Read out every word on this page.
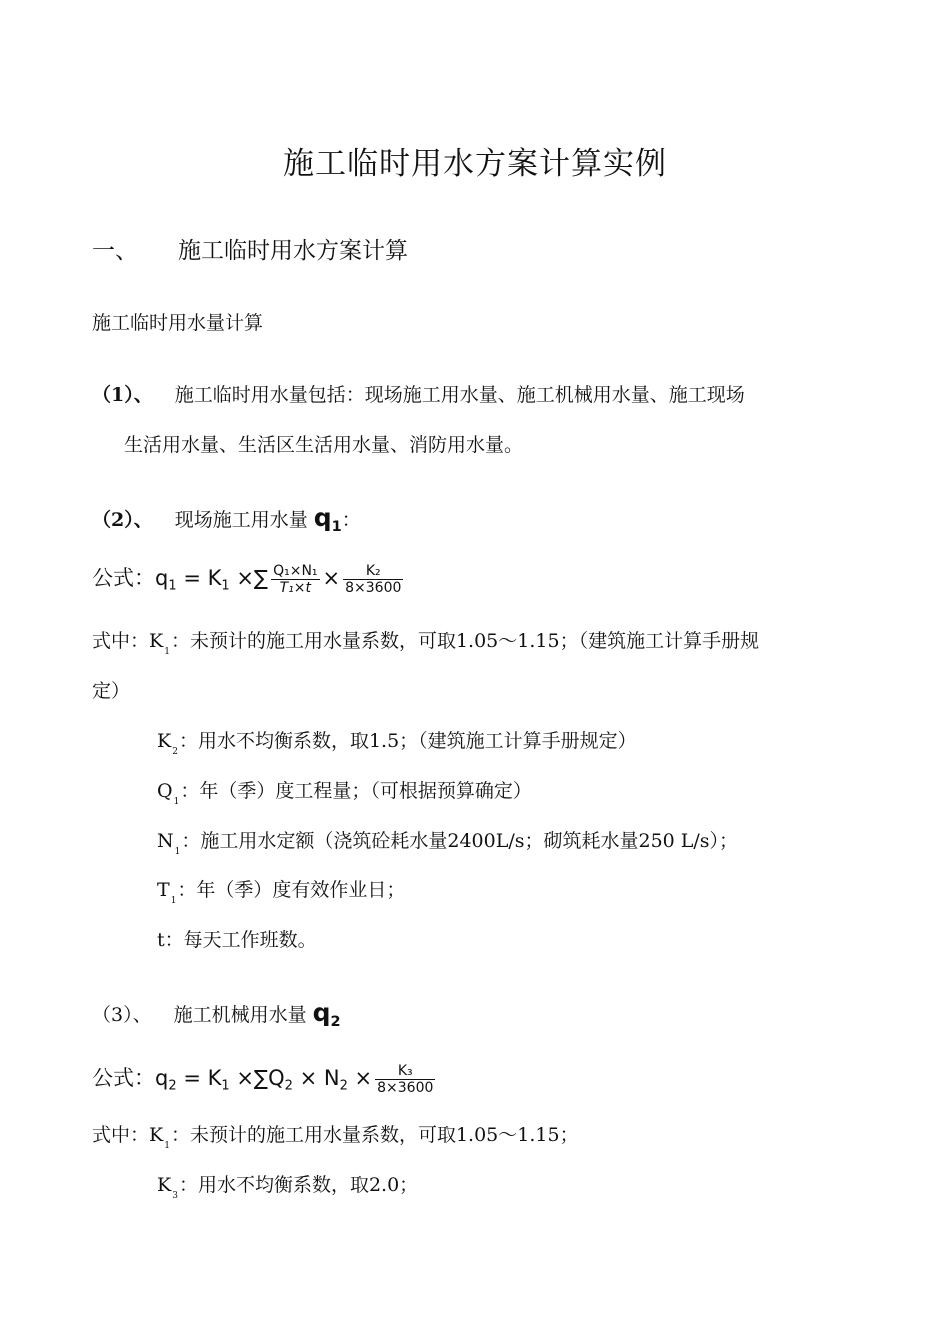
施工临时用水方案计算实例
一、 施工临时用水方案计算
施工临时用水量计算
（1）、 施工临时用水量包括：现场施工用水量、施工机械用水量、施工现场
生活用水量、生活区生活用水量、消防用水量。
（2）、 现场施工用水量 $q_1$：
公式：$q_1 = K_1$ ×∑ $\frac{\text{Q₁×N₁}}{\text{T₁×t}} \times \frac{\text{K₂}}{8\times 3600}$
式中：$K_1$：未预计的施工用水量系数，可取1.05～1.15；（建筑施工计算手册规
定）
$K_2$：用水不均衡系数，取1.5；（建筑施工计算手册规定）
$Q_1$：年（季）度工程量；（可根据预算确定）
$N_1$：施工用水定额（浇筑砼耗水量2400L/s；砌筑耗水量250 L/s）；
$T_1$：年（季）度有效作业日；
t：每天工作班数。
（3）、 施工机械用水量 $q_2$
公式：$q_2 = K_1 \times\sum Q_2 \times N_2 \times \frac{\text{K₃}}{8\times 3600}$
式中：$K_1$：未预计的施工用水量系数，可取1.05～1.15；
$K_3$：用水不均衡系数，取2.0；
